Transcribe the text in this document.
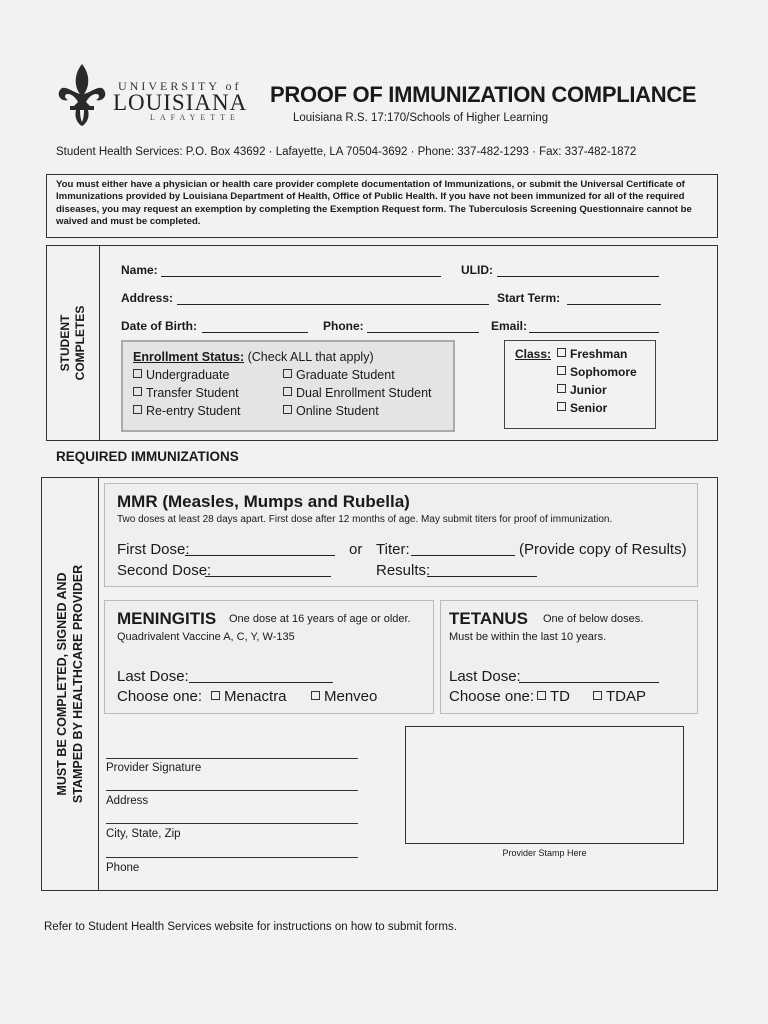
UNIVERSITY of
LOUISIANA
LAFAYETTE
PROOF OF IMMUNIZATION COMPLIANCE
Louisiana R.S. 17:170/Schools of Higher Learning
Student Health Services: P.O. Box 43692 · Lafayette, LA 70504-3692 · Phone: 337-482-1293 · Fax: 337-482-1872
You must either have a physician or health care provider complete documentation of Immunizations, or submit the Universal Certificate of Immunizations provided by Louisiana Department of Health, Office of Public Health. If you have not been immunized for all of the required diseases, you may request an exemption by completing the Exemption Request form. The Tuberculosis Screening Questionnaire cannot be waived and must be completed.
STUDENT COMPLETES
Name:	ULID:
Address:	Start Term:
Date of Birth:	Phone:	Email:
Enrollment Status: (Check ALL that apply)
Undergraduate	Graduate Student
Transfer Student	Dual Enrollment Student
Re-entry Student	Online Student
Class:	Freshman
Sophomore
Junior
Senior
REQUIRED IMMUNIZATIONS
MUST BE COMPLETED, SIGNED AND STAMPED BY HEALTHCARE PROVIDER
MMR (Measles, Mumps and Rubella)
Two doses at least 28 days apart. First dose after 12 months of age. May submit titers for proof of immunization.
First Dose:	or Titer:	(Provide copy of Results)
Second Dose:	Results:
MENINGITIS One dose at 16 years of age or older.
Quadrivalent Vaccine A, C, Y, W-135
Last Dose:
Choose one:	Menactra	Menveo
TETANUS One of below doses.
Must be within the last 10 years.
Last Dose:
Choose one:	TD	TDAP
Provider Signature
Address
City, State, Zip
Phone
Provider Stamp Here
Refer to Student Health Services website for instructions on how to submit forms.
